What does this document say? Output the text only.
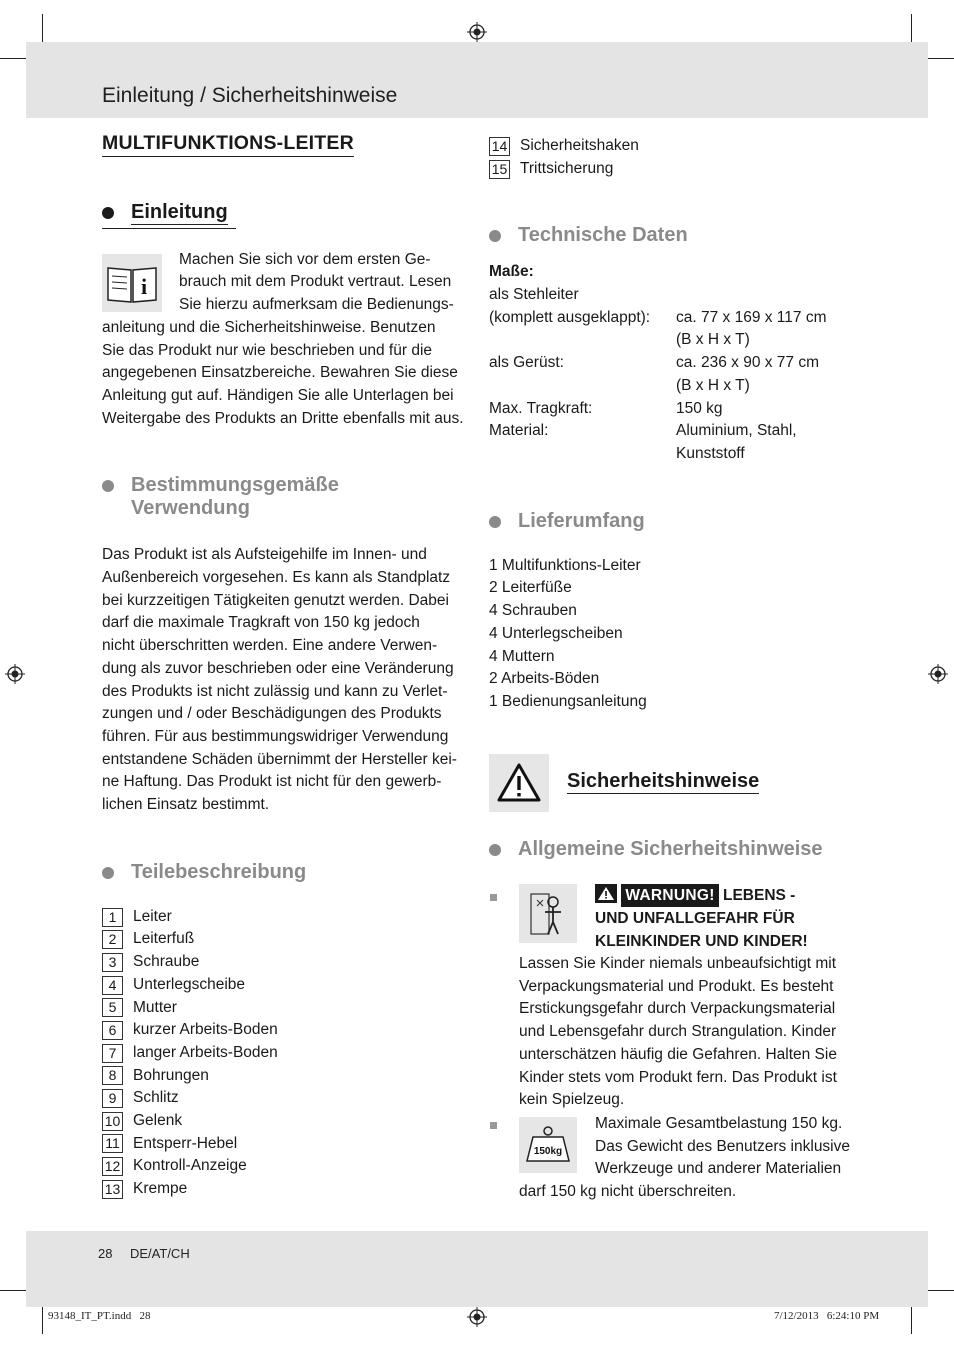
Einleitung / Sicherheitshinweise
MULTIFUNKTIONS-LEITER
Einleitung
i

Machen Sie sich vor dem ersten Ge-
brauch mit dem Produkt vertraut. Lesen
Sie hierzu aufmerksam die Bedienungs-
anleitung und die Sicherheitshinweise. Benutzen
Sie das Produkt nur wie beschrieben und für die
angegebenen Einsatzbereiche. Bewahren Sie diese
Anleitung gut auf. Händigen Sie alle Unterlagen bei
Weitergabe des Produkts an Dritte ebenfalls mit aus.

Bestimmungsgemäße
Verwendung

Das Produkt ist als Aufsteigehilfe im Innen- und
Außenbereich vorgesehen. Es kann als Standplatz
bei kurzzeitigen Tätigkeiten genutzt werden. Dabei
darf die maximale Tragkraft von 150 kg jedoch
nicht überschritten werden. Eine andere Verwen-
dung als zuvor beschrieben oder eine Veränderung
des Produkts ist nicht zulässig und kann zu Verlet-
zungen und / oder Beschädigungen des Produkts
führen. Für aus bestimmungswidriger Verwendung
entstandene Schäden übernimmt der Hersteller kei-
ne Haftung. Das Produkt ist nicht für den gewerb-
lichen Einsatz bestimmt.

Teilebeschreibung
1	Leiter
2	Leiterfuß
3	Schraube
4	Unterlegscheibe
5	Mutter
6	kurzer Arbeits-Boden
7	langer Arbeits-Boden
8	Bohrungen
9	Schlitz
10 Gelenk
11 Entsperr-Hebel
12 Kontroll-Anzeige
13 Krempe
14 Sicherheitshaken
15 Trittsicherung
Technische Daten
Maße:
als Stehleiter
(komplett ausgeklappt):	ca. 77 x 169 x 117 cm
(B x H x T)
als Gerüst:	ca. 236 x 90 x 77 cm
(B x H x T)
Max. Tragkraft:	150 kg
Material:	Aluminium, Stahl,
Kunststoff
Lieferumfang
1 Multifunktions-Leiter
2 Leiterfüße
4 Schrauben
4 Unterlegscheiben
4 Muttern
2 Arbeits-Böden
1 Bedienungsanleitung
Sicherheitshinweise
Allgemeine Sicherheitshinweise
WARNUNG! LEBENS -
UND UNFALLGEFAHR FÜR
KLEINKINDER UND KINDER!
Lassen Sie Kinder niemals unbeaufsichtigt mit
Verpackungsmaterial und Produkt. Es besteht
Erstickungsgefahr durch Verpackungsmaterial
und Lebensgefahr durch Strangulation. Kinder
unterschätzen häufig die Gefahren. Halten Sie
Kinder stets vom Produkt fern. Das Produkt ist
kein Spielzeug.
150kg
Maximale Gesamtbelastung 150 kg.
Das Gewicht des Benutzers inklusive
Werkzeuge und anderer Materialien
darf 150 kg nicht überschreiten.
28 DE/AT/CH
93148_IT_PT.indd   28	7/12/2013   6:24:10 PM
